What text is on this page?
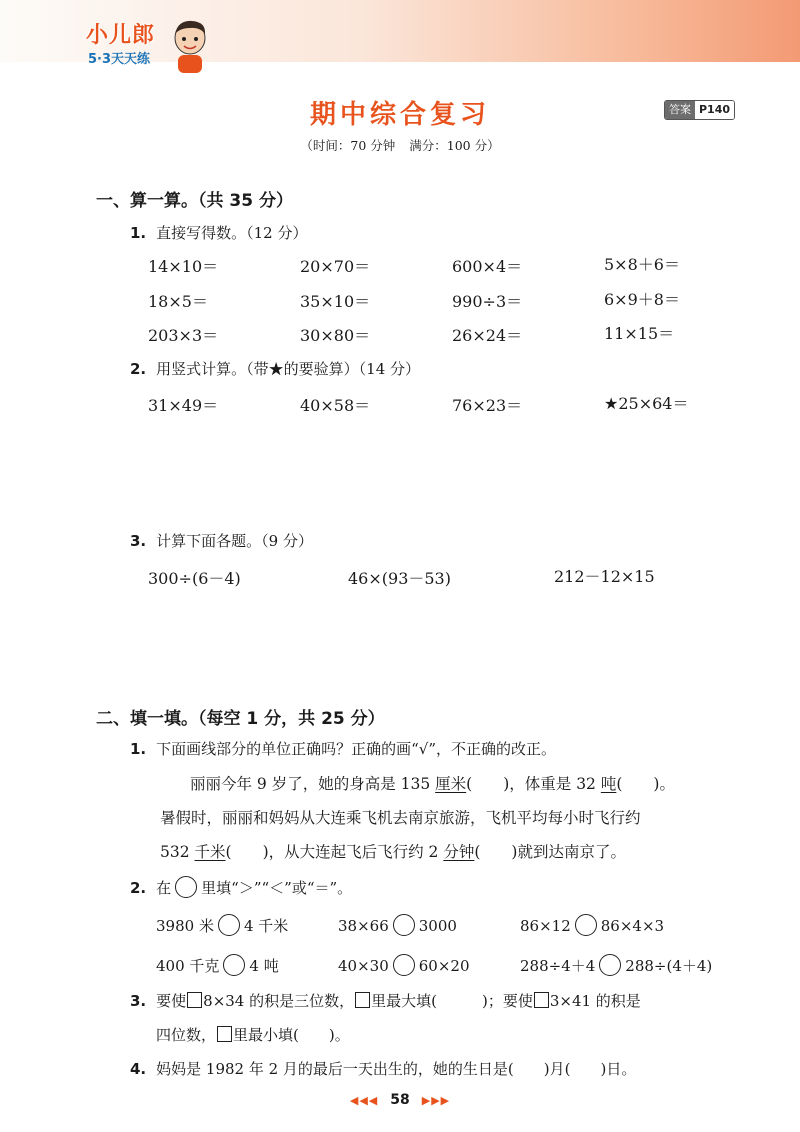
小儿郎
5·3天天练
期中综合复习	答案 P140
（时间：70 分钟 满分：100 分）
一、算一算。（共 35 分）
1. 直接写得数。（12 分）
14×10＝	20×70＝	600×4＝	5×8＋6＝
18×5＝	35×10＝	990÷3＝	6×9＋8＝
203×3＝	30×80＝	26×24＝	11×15＝
2. 用竖式计算。（带★的要验算）（14 分）
31×49＝	40×58＝	76×23＝	★25×64＝
3. 计算下面各题。（9 分）
300÷(6－4)	46×(93－53)	212－12×15
二、填一填。（每空 1 分，共 25 分）
1. 下面画线部分的单位正确吗？正确的画“√”，不正确的改正。
丽丽今年 9 岁了，她的身高是 135 厘米(　　)，体重是 32 吨(　　)。
暑假时，丽丽和妈妈从大连乘飞机去南京旅游，飞机平均每小时飞行约
532 千米(　　)，从大连起飞后飞行约 2 分钟(　　)就到达南京了。
2. 在 里填“＞”“＜”或“＝”。
3980 米 4 千米	38×66 3000	86×12 86×4×3
400 千克 4 吨	40×30 60×20	288÷4＋4 288÷(4＋4)
3. 要使 8×34 的积是三位数， 里最大填(　　　)；要使 3×41 的积是
四位数， 里最小填(　　)。
4. 妈妈是 1982 年 2 月的最后一天出生的，她的生日是(　　)月(　　)日。
◀◀◀ 58 ▶▶▶
